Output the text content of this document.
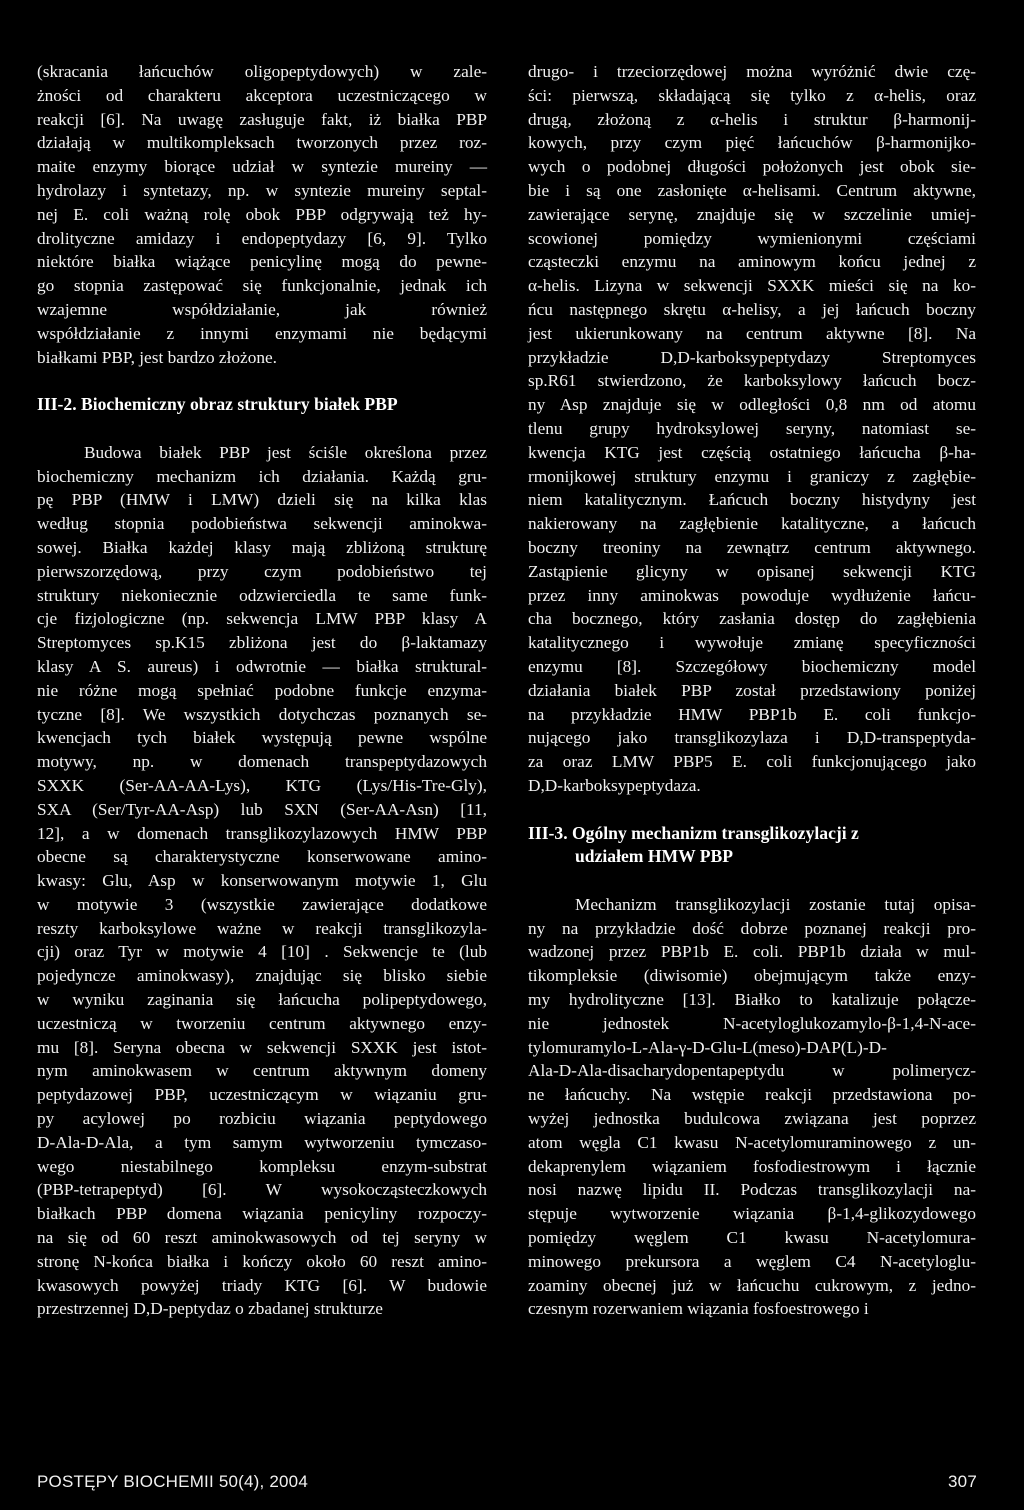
(skracania łańcuchów oligopeptydowych) w zale-
żności od charakteru akceptora uczestniczącego w
reakcji [6]. Na uwagę zasługuje fakt, iż białka PBP
działają w multikompleksach tworzonych przez roz-
maite enzymy biorące udział w syntezie mureiny —
hydrolazy i syntetazy, np. w syntezie mureiny septal-
nej E. coli ważną rolę obok PBP odgrywają też hy-
drolityczne amidazy i endopeptydazy [6, 9]. Tylko
niektóre białka wiążące penicylinę mogą do pewne-
go stopnia zastępować się funkcjonalnie, jednak ich
wzajemne współdziałanie, jak również
współdziałanie z innymi enzymami nie będącymi
białkami PBP, jest bardzo złożone.
III-2. Biochemiczny obraz struktury białek PBP
Budowa białek PBP jest ściśle określona przez
biochemiczny mechanizm ich działania. Każdą gru-
pę PBP (HMW i LMW) dzieli się na kilka klas
według stopnia podobieństwa sekwencji aminokwa-
sowej. Białka każdej klasy mają zbliżoną strukturę
pierwszorzędową, przy czym podobieństwo tej
struktury niekoniecznie odzwierciedla te same funk-
cje fizjologiczne (np. sekwencja LMW PBP klasy A
Streptomyces sp.K15 zbliżona jest do β-laktamazy
klasy A S. aureus) i odwrotnie — białka struktural-
nie różne mogą spełniać podobne funkcje enzyma-
tyczne [8]. We wszystkich dotychczas poznanych se-
kwencjach tych białek występują pewne wspólne
motywy, np. w domenach transpeptydazowych
SXXK (Ser-AA-AA-Lys), KTG (Lys/His-Tre-Gly),
SXA (Ser/Tyr-AA-Asp) lub SXN (Ser-AA-Asn) [11,
12], a w domenach transglikozylazowych HMW PBP
obecne są charakterystyczne konserwowane amino-
kwasy: Glu, Asp w konserwowanym motywie 1, Glu
w motywie 3 (wszystkie zawierające dodatkowe
reszty karboksylowe ważne w reakcji transglikozyla-
cji) oraz Tyr w motywie 4 [10] . Sekwencje te (lub
pojedyncze aminokwasy), znajdując się blisko siebie
w wyniku zaginania się łańcucha polipeptydowego,
uczestniczą w tworzeniu centrum aktywnego enzy-
mu [8]. Seryna obecna w sekwencji SXXK jest istot-
nym aminokwasem w centrum aktywnym domeny
peptydazowej PBP, uczestniczącym w wiązaniu gru-
py acylowej po rozbiciu wiązania peptydowego
D-Ala-D-Ala, a tym samym wytworzeniu tymczaso-
wego niestabilnego kompleksu enzym-substrat
(PBP-tetrapeptyd) [6]. W wysokocząsteczkowych
białkach PBP domena wiązania penicyliny rozpoczy-
na się od 60 reszt aminokwasowych od tej seryny w
stronę N-końca białka i kończy około 60 reszt amino-
kwasowych powyżej triady KTG [6]. W budowie
przestrzennej D,D-peptydaz o zbadanej strukturze
drugo- i trzeciorzędowej można wyróżnić dwie czę-
ści: pierwszą, składającą się tylko z α-helis, oraz
drugą, złożoną z α-helis i struktur β-harmonij-
kowych, przy czym pięć łańcuchów β-harmonijko-
wych o podobnej długości położonych jest obok sie-
bie i są one zasłonięte α-helisami. Centrum aktywne,
zawierające serynę, znajduje się w szczelinie umiej-
scowionej pomiędzy wymienionymi częściami
cząsteczki enzymu na aminowym końcu jednej z
α-helis. Lizyna w sekwencji SXXK mieści się na ko-
ńcu następnego skrętu α-helisy, a jej łańcuch boczny
jest ukierunkowany na centrum aktywne [8]. Na
przykładzie D,D-karboksypeptydazy Streptomyces
sp.R61 stwierdzono, że karboksylowy łańcuch bocz-
ny Asp znajduje się w odległości 0,8 nm od atomu
tlenu grupy hydroksylowej seryny, natomiast se-
kwencja KTG jest częścią ostatniego łańcucha β-ha-
rmonijkowej struktury enzymu i graniczy z zagłębie-
niem katalitycznym. Łańcuch boczny histydyny jest
nakierowany na zagłębienie katalityczne, a łańcuch
boczny treoniny na zewnątrz centrum aktywnego.
Zastąpienie glicyny w opisanej sekwencji KTG
przez inny aminokwas powoduje wydłużenie łańcu-
cha bocznego, który zasłania dostęp do zagłębienia
katalitycznego i wywołuje zmianę specyficzności
enzymu [8]. Szczegółowy biochemiczny model
działania białek PBP został przedstawiony poniżej
na przykładzie HMW PBP1b E. coli funkcjo-
nującego jako transglikozylaza i D,D-transpeptyda-
za oraz LMW PBP5 E. coli funkcjonującego jako
D,D-karboksypeptydaza.
III-3. Ogólny mechanizm transglikozylacji z
udziałem HMW PBP
Mechanizm transglikozylacji zostanie tutaj opisa-
ny na przykładzie dość dobrze poznanej reakcji pro-
wadzonej przez PBP1b E. coli. PBP1b działa w mul-
tikompleksie (diwisomie) obejmującym także enzy-
my hydrolityczne [13]. Białko to katalizuje połącze-
nie jednostek N-acetyloglukozamylo-β-1,4-N-ace-
tylomuramylo-L-Ala-γ-D-Glu-L(meso)-DAP(L)-D-
Ala-D-Ala-disacharydopentapeptydu w polimerycz-
ne łańcuchy. Na wstępie reakcji przedstawiona po-
wyżej jednostka budulcowa związana jest poprzez
atom węgla C1 kwasu N-acetylomuraminowego z un-
dekaprenylem wiązaniem fosfodiestrowym i łącznie
nosi nazwę lipidu II. Podczas transglikozylacji na-
stępuje wytworzenie wiązania β-1,4-glikozydowego
pomiędzy węglem C1 kwasu N-acetylomura-
minowego prekursora a węglem C4 N-acetyloglu-
zoaminy obecnej już w łańcuchu cukrowym, z jedno-
czesnym rozerwaniem wiązania fosfoestrowego i
POSTĘPY BIOCHEMII 50(4), 2004	307
